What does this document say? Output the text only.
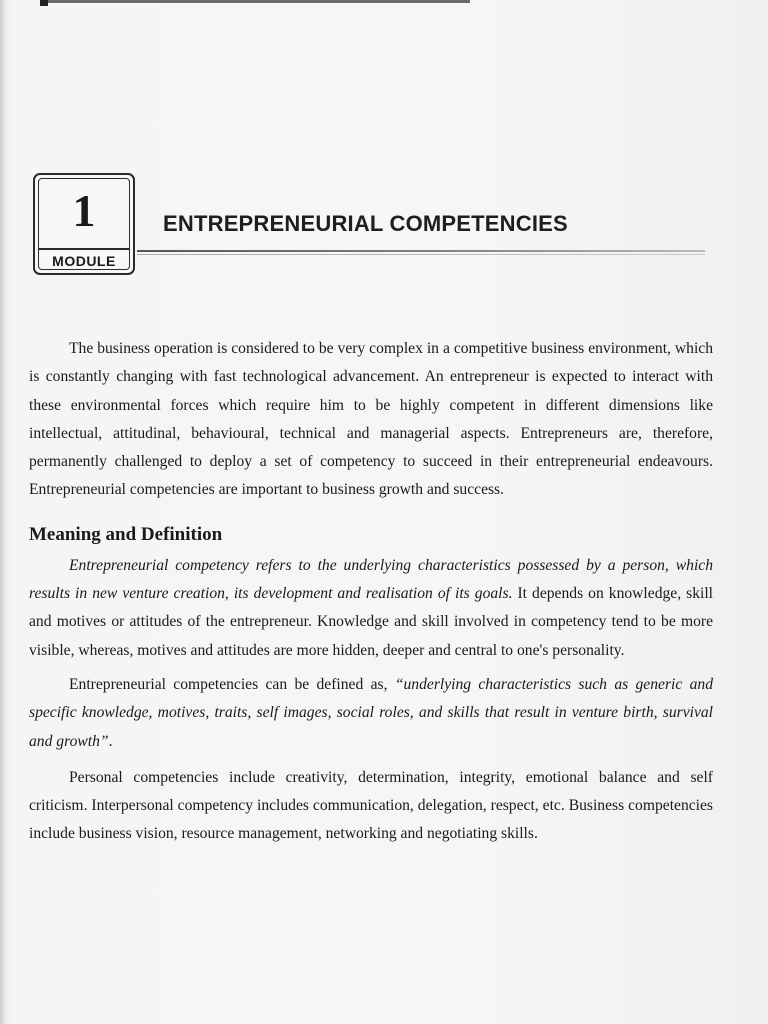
1
MODULE
ENTREPRENEURIAL COMPETENCIES

The business operation is considered to be very complex in a competitive business environment, which is constantly changing with fast technological advancement. An entrepreneur is expected to interact with these environmental forces which require him to be highly competent in different dimensions like intellectual, attitudinal, behavioural, technical and managerial aspects. Entrepreneurs are, therefore, permanently challenged to deploy a set of competency to succeed in their entrepreneurial endeavours. Entrepreneurial competencies are important to business growth and success.

Meaning and Definition

Entrepreneurial competency refers to the underlying characteristics possessed by a person, which results in new venture creation, its development and realisation of its goals. It depends on knowledge, skill and motives or attitudes of the entrepreneur. Knowledge and skill involved in competency tend to be more visible, whereas, motives and attitudes are more hidden, deeper and central to one's personality.

Entrepreneurial competencies can be defined as, “underlying characteristics such as generic and specific knowledge, motives, traits, self images, social roles, and skills that result in venture birth, survival and growth”.

Personal competencies include creativity, determination, integrity, emotional balance and self criticism. Interpersonal competency includes communication, delegation, respect, etc. Business competencies include business vision, resource management, networking and negotiating skills.
